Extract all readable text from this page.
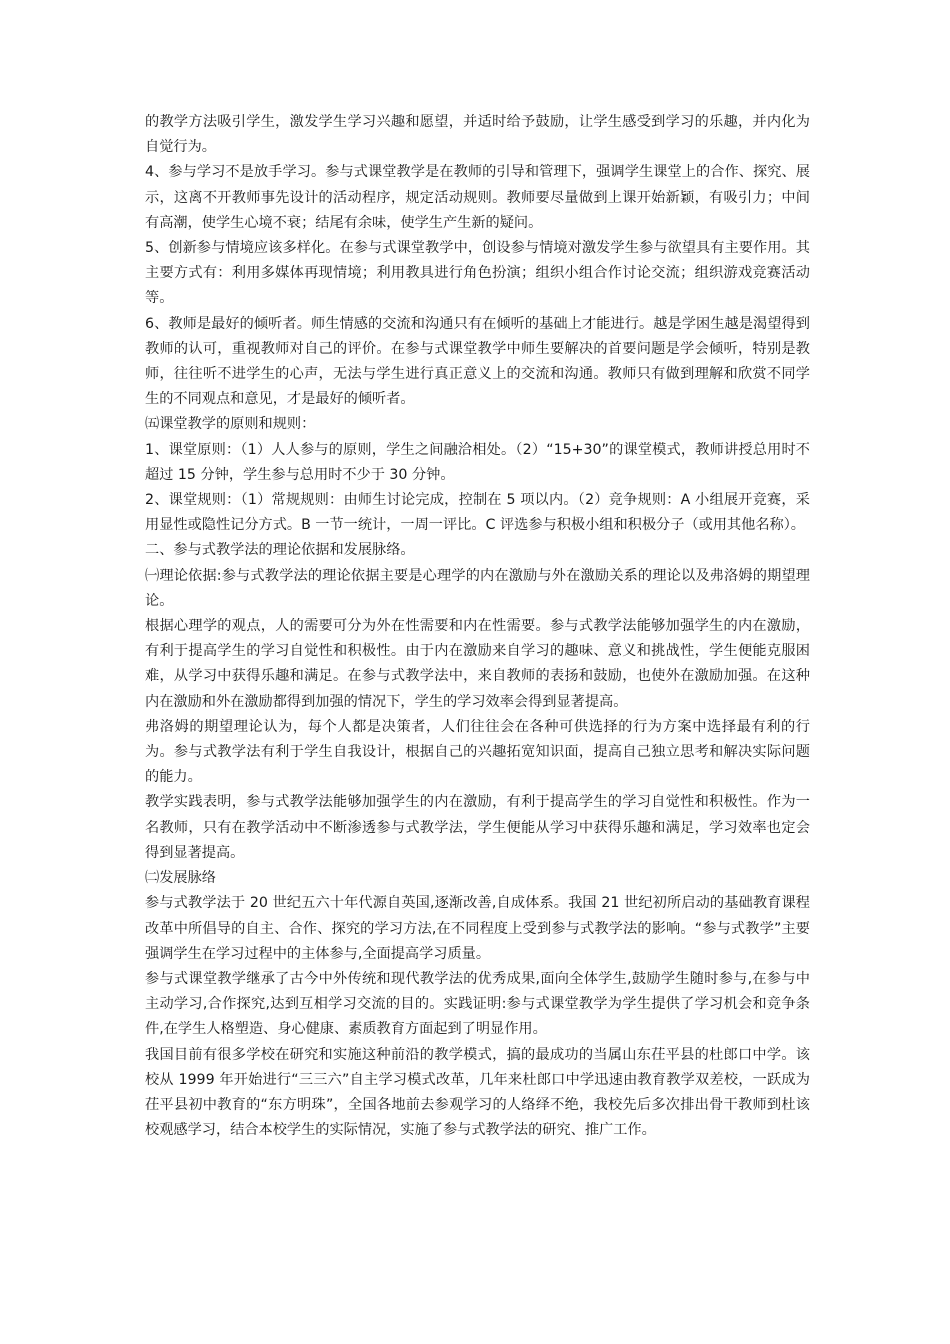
的教学方法吸引学生，激发学生学习兴趣和愿望，并适时给予鼓励，让学生感受到学习的乐趣，并内化为自觉行为。

4、参与学习不是放手学习。参与式课堂教学是在教师的引导和管理下，强调学生课堂上的合作、探究、展示，这离不开教师事先设计的活动程序，规定活动规则。教师要尽量做到上课开始新颖，有吸引力；中间有高潮，使学生心境不衰；结尾有余味，使学生产生新的疑问。

5、创新参与情境应该多样化。在参与式课堂教学中，创设参与情境对激发学生参与欲望具有主要作用。其主要方式有：利用多媒体再现情境；利用教具进行角色扮演；组织小组合作讨论交流；组织游戏竞赛活动等。

6、教师是最好的倾听者。师生情感的交流和沟通只有在倾听的基础上才能进行。越是学困生越是渴望得到教师的认可，重视教师对自己的评价。在参与式课堂教学中师生要解决的首要问题是学会倾听，特别是教师，往往听不进学生的心声，无法与学生进行真正意义上的交流和沟通。教师只有做到理解和欣赏不同学生的不同观点和意见，才是最好的倾听者。

㈤课堂教学的原则和规则：

1、课堂原则：（1）人人参与的原则，学生之间融洽相处。（2）“15+30”的课堂模式，教师讲授总用时不超过 15 分钟，学生参与总用时不少于 30 分钟。

2、课堂规则：（1）常规规则：由师生讨论完成，控制在 5 项以内。（2）竞争规则：A 小组展开竞赛，采用显性或隐性记分方式。B 一节一统计，一周一评比。C 评选参与积极小组和积极分子（或用其他名称）。

二、参与式教学法的理论依据和发展脉络。

㈠理论依据:参与式教学法的理论依据主要是心理学的内在激励与外在激励关系的理论以及弗洛姆的期望理论。

根据心理学的观点，人的需要可分为外在性需要和内在性需要。参与式教学法能够加强学生的内在激励，有利于提高学生的学习自觉性和积极性。由于内在激励来自学习的趣味、意义和挑战性，学生便能克服困难，从学习中获得乐趣和满足。在参与式教学法中，来自教师的表扬和鼓励，也使外在激励加强。在这种内在激励和外在激励都得到加强的情况下，学生的学习效率会得到显著提高。

弗洛姆的期望理论认为，每个人都是决策者，人们往往会在各种可供选择的行为方案中选择最有利的行为。参与式教学法有利于学生自我设计，根据自己的兴趣拓宽知识面，提高自己独立思考和解决实际问题的能力。

教学实践表明，参与式教学法能够加强学生的内在激励，有利于提高学生的学习自觉性和积极性。作为一名教师，只有在教学活动中不断渗透参与式教学法，学生便能从学习中获得乐趣和满足，学习效率也定会得到显著提高。

㈡发展脉络

参与式教学法于 20 世纪五六十年代源自英国,逐渐改善,自成体系。我国 21 世纪初所启动的基础教育课程改革中所倡导的自主、合作、探究的学习方法,在不同程度上受到参与式教学法的影响。“参与式教学”主要强调学生在学习过程中的主体参与,全面提高学习质量。

参与式课堂教学继承了古今中外传统和现代教学法的优秀成果,面向全体学生,鼓励学生随时参与,在参与中主动学习,合作探究,达到互相学习交流的目的。实践证明:参与式课堂教学为学生提供了学习机会和竞争条件,在学生人格塑造、身心健康、素质教育方面起到了明显作用。

我国目前有很多学校在研究和实施这种前沿的教学模式，搞的最成功的当属山东茌平县的杜郎口中学。该校从 1999 年开始进行“三三六”自主学习模式改革，几年来杜郎口中学迅速由教育教学双差校，一跃成为茌平县初中教育的“东方明珠”，全国各地前去参观学习的人络绎不绝，我校先后多次排出骨干教师到杜该校观感学习，结合本校学生的实际情况，实施了参与式教学法的研究、推广工作。
